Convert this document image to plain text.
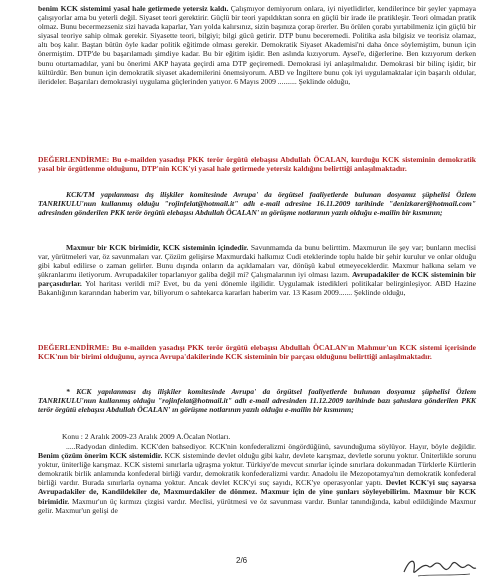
benim KCK sistemimi yasal hale getirmede yetersiz kaldı. Çalışmıyor demiyorum onlara, iyi niyetlidirler, kendilerince bir şeyler yapmaya çalışıyorlar ama bu yeterli değil. Siyaset teori gerektirir. Güçlü bir teori yapıldıktan sonra en güçlü bir irade ile pratikleşir. Teori olmadan pratik olmaz. Bunu becermezseniz sizi havada kaparlar, Yarı yolda kalırsınız, sizin başınıza çorap örerler. Bu örülen çorabı yırtabilmeniz için güçlü bir siyasal teoriye sahip olmak gerekir. Siyasette teori, bilgiyi; bilgi gücü getirir. DTP bunu beceremedi. Politika asla bilgisiz ve teorisiz olamaz, altı boş kalır. Baştan bütün öyle kadar politik eğitimde olması gerekir. Demokratik Siyaset Akademisi'ni daha önce söylemiştim, bunun için önermiştim. DTP'de bu başarılamadı şimdiye kadar. Bu bir eğitim işidir. Ben aslında kızıyorum. Aysel'e, diğerlerine. Ben kızıyorum derken bunu oturtamadılar, yani bu önerimi AKP hayata geçirdi ama DTP geçiremedi. Demokrasi iyi anlaşılmalıdır. Demokrasi bir bilinç işidir, bir kültürdür. Ben bunun için demokratik siyaset akademilerini önemsiyorum. ABD ve İngiltere bunu çok iyi uygulamaktalar için başarılı oldular, ilerideler. Başarıları demokrasiyi uygulama güçlerinden yatıyor. 6 Mayıs 2009 .......... Şeklinde olduğu,

DEĞERLENDİRME: Bu e-mailden yasadışı PKK terör örgütü elebaşısı Abdullah ÖCALAN, kurduğu KCK sisteminin demokratik yasal bir örgütlenme olduğunu, DTP'nin KCK'yi yasal hale getirmede yetersiz kaldığını belirttiği anlaşılmaktadır.

KCK/TM yapılanması dış ilişkiler komitesinde Avrupa' da örgütsel faaliyetlerde bulunan dosyamız şüphelisi Özlem TANRIKULU'nun kullanmış olduğu "rojinfelat@hotmail.it" adlı e-mail adresine 16.11.2009 tarihinde "denizkarer@hotmail.com" adresinden gönderilen PKK terör örgütü elebaşısı Abdullah ÖCALAN' ın görüşme notlarının yazılı olduğu e-mailin bir kısmının;

Maxmur bir KCK birimidir, KCK sisteminin içindedir. Savunmamda da bunu belirttim. Maxmurun ile şey var; bunların meclisi var, yürütmeleri var, öz savunmaları var. Çözüm gelişirse Maxmurdaki halkımız Cudi eteklerinde toplu halde bir şehir kurulur ve onlar olduğu gibi kabul edilirse o zaman gelirler. Bunu dışında onların da açıklamaları var, dönüşü kabul etmeyeceklerdir. Maxmur halkına selam ve şükranlarımı iletiyorum. Avrupadakiler toparlanıyor galiba değil mi? Çalışmalarının iyi olması lazım. Avrupadakiler de KCK sisteminin bir parçasıdırlar. Yol haritası verildi mi? Evet, bu da yeni dönemle ilgilidir. Uygulamak istedikleri politikalar belirginleşiyor. ABD Hazine Bakanlığının kararından haberim var, biliyorum o sahtekarca kararları haberim var. 13 Kasım 2009....... Şeklinde olduğu,

DEĞERLENDİRME: Bu e-mailden yasadışı PKK terör örgütü elebaşısı Abdullah ÖCALAN'ın Mahmur'un KCK sistemi içerisinde KCK'nın bir birimi olduğunu, ayrıca Avrupa'dakilerinde KCK sisteminin bir parçası olduğunu belirttiği anlaşılmaktadır.

* KCK yapılanması dış ilişkiler komitesinde Avrupa' da örgütsel faaliyetlerde bulunan dosyamız şüphelisi Özlem TANRIKULU'nun kullanmış olduğu "rojinfelat@hotmail.it" adlı e-mail adresinden 11.12.2009 tarihinde bazı şahıslara gönderilen PKK terör örgütü elebaşısı Abdullah ÖCALAN' ın görüşme notlarının yazılı olduğu e-mailin bir kısmının;

Konu : 2 Aralık 2009-23 Aralık 2009 A.Öcalan Notları.

.....Radyodan dinledim. KCK'den bahsediyor. KCK'nin konfederalizmi öngördüğünü, savunduğuma söylüyor. Hayır, böyle değildir. Benim çözüm önerim KCK sistemidir. KCK sisteminde devlet olduğu gibi kalır, devlete karışmaz, devletle sorunu yoktur. Üniterlikle sorunu yoktur, üniterliğe karışmaz. KCK sistemi sınırlarla uğraşma yoktur. Türkiye'de mevcut sınırlar içinde sınırlara dokunmadan Türklerle Kürtlerin demokratik birlik anlamında konfederal birliği vardır, demokratik konfederalizmi vardır. Anadolu ile Mezopotamya'nın demokratik konfederal birliği vardır. Burada sınırlarla oynama yoktur. Ancak devlet KCK'yi suç sayıdı, KCK'ye operasyonlar yaptı. Devlet KCK'yi suç sayarsa Avrupadakiler de, Kandildekiler de, Maxmurdakiler de dönmez. Maxmur için de yine şunları söyleyebilirim. Maxmur bir KCK birimidir. Maxmur'un üç kırmızı çizgisi vardır. Meclisi, yürütmesi ve öz savunması vardır. Bunlar tanındığında, kabul edildiğinde Maxmur gelir. Maxmur'un gelişi de

2/6
